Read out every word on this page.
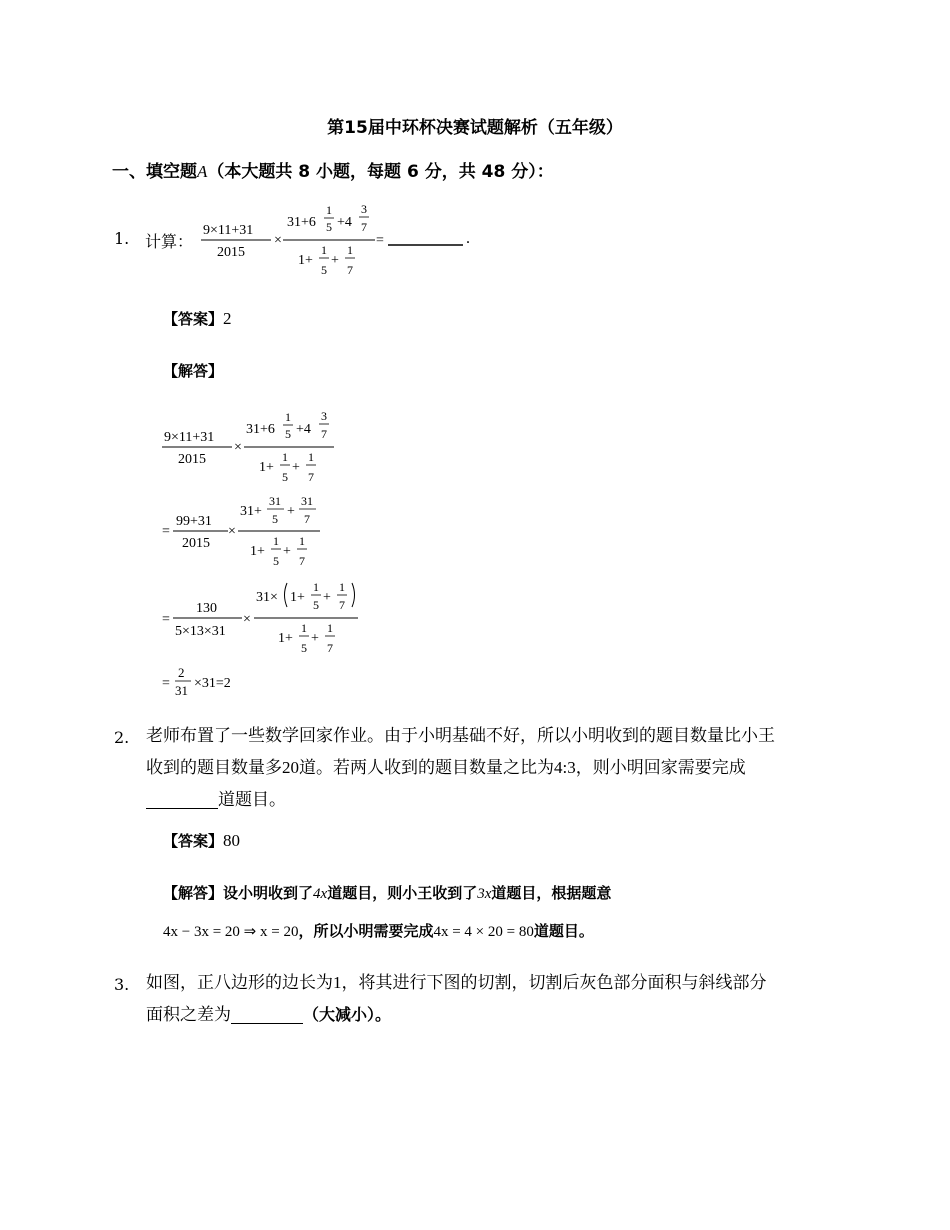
第15届中环杯决赛试题解析（五年级）
一、填空题A（本大题共 8 小题，每题 6 分，共 48 分）：
1. 计算：
9×11+31
2015
×
31+6
1
5 +4
3
7
1+
1
5
+
1
7
=	.
【答案】2
【解答】
9×11+31
2015
×
31+6
1
5 +4
3
7
1+
1
5
+
1
7
=
99+31
2015
×
31+
31
5 +
31
7
1+
1
5
+
1
7
=
130
5×13×31
×
31× 1+
1
5 +
1
7
1+
1
5
+
1
7
=
2
31 ×31=2
2. 老师布置了一些数学回家作业。由于小明基础不好，所以小明收到的题目数量比小王
收到的题目数量多20道。若两人收到的题目数量之比为4:3，则小明回家需要完成
道题目。
【答案】80
【解答】设小明收到了4x道题目，则小王收到了3x道题目，根据题意
4x − 3x = 20 ⇒ x = 20，所以小明需要完成4x = 4 × 20 = 80道题目。
3. 如图，正八边形的边长为1，将其进行下图的切割，切割后灰色部分面积与斜线部分
面积之差为	（大减小）。
